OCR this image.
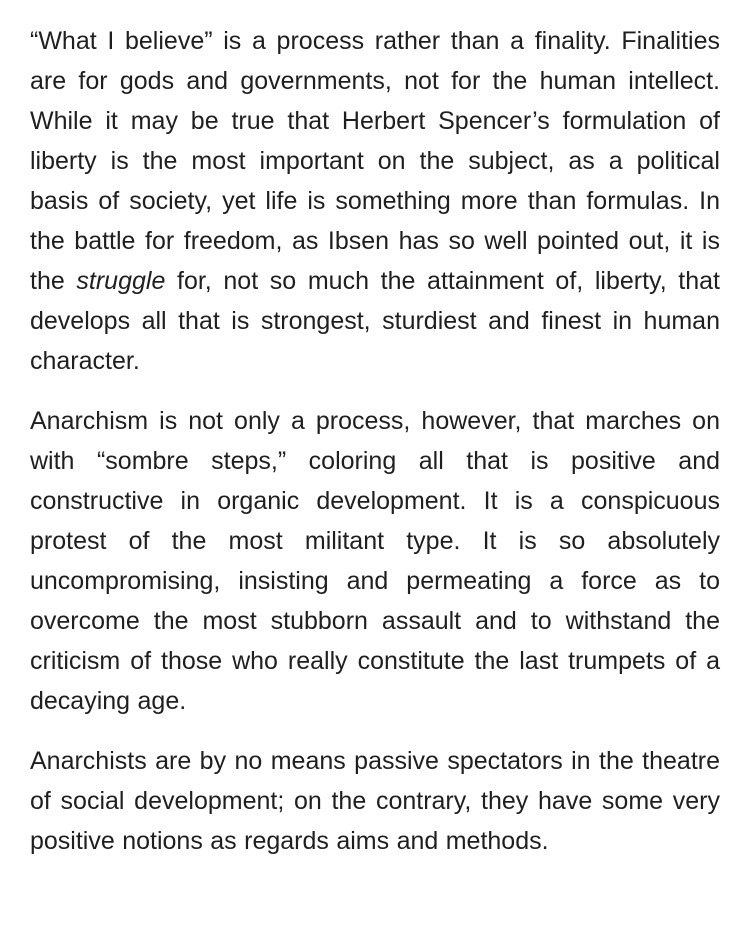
“What I believe” is a process rather than a finality. Finalities are for gods and governments, not for the human intellect. While it may be true that Herbert Spencer’s formulation of liberty is the most important on the subject, as a political basis of society, yet life is something more than formulas. In the battle for freedom, as Ibsen has so well pointed out, it is the struggle for, not so much the attainment of, liberty, that develops all that is strongest, sturdiest and finest in human character.

Anarchism is not only a process, however, that marches on with “sombre steps,” coloring all that is positive and constructive in organic development. It is a conspicuous protest of the most militant type. It is so absolutely uncompromising, insisting and permeating a force as to overcome the most stubborn assault and to withstand the criticism of those who really constitute the last trumpets of a decaying age.

Anarchists are by no means passive spectators in the theatre of social development; on the contrary, they have some very positive notions as regards aims and methods.
